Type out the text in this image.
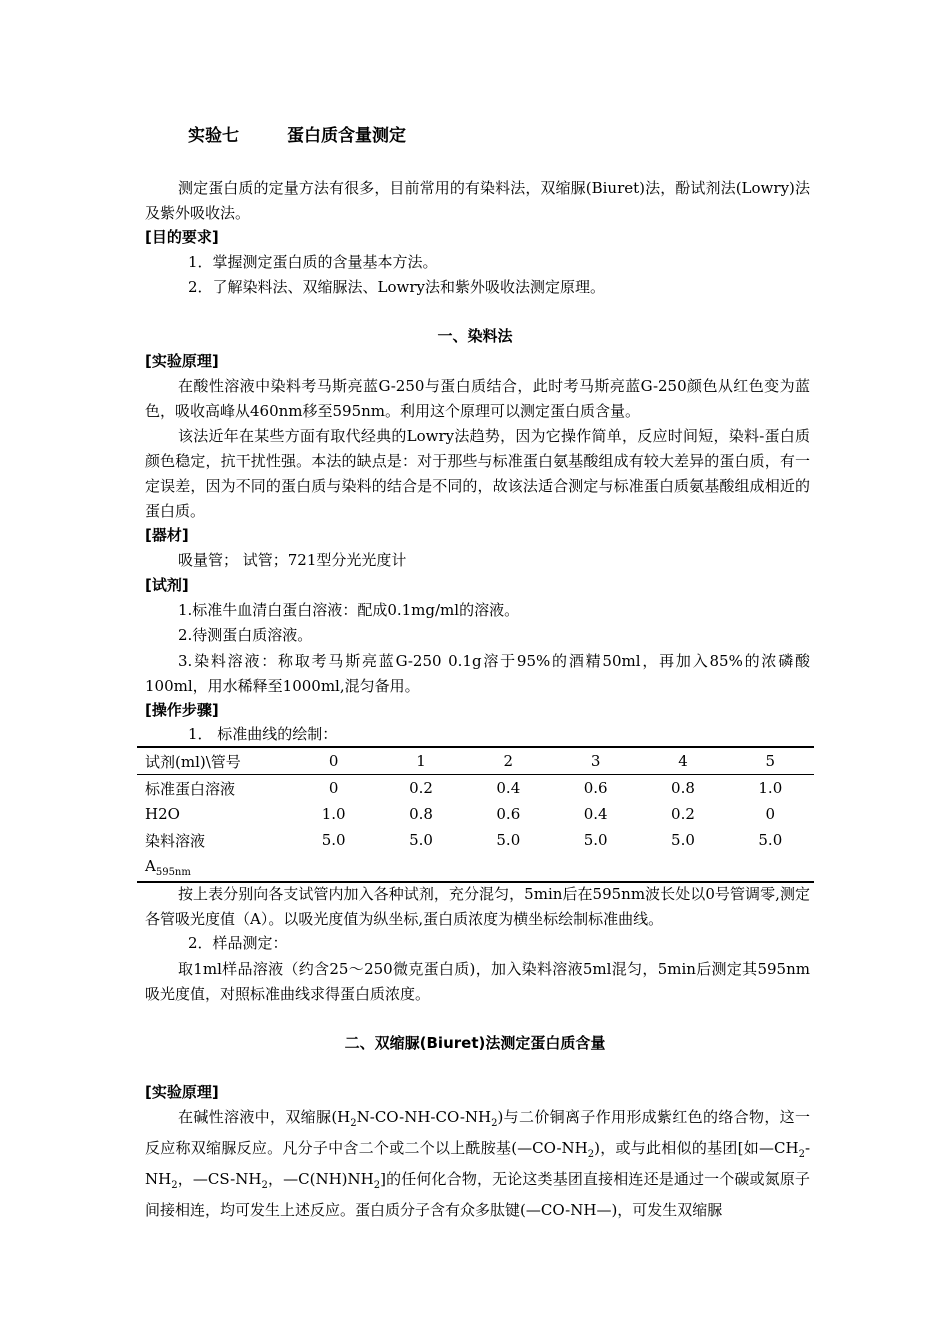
实验七	蛋白质含量测定
测定蛋白质的定量方法有很多，目前常用的有染料法，双缩脲(Biuret)法，酚试剂法(Lowry)法及紫外吸收法。
[目的要求]
1．掌握测定蛋白质的含量基本方法。
2．了解染料法、双缩脲法、Lowry法和紫外吸收法测定原理。
一、染料法
[实验原理]
在酸性溶液中染料考马斯亮蓝G-250与蛋白质结合，此时考马斯亮蓝G-250颜色从红色变为蓝色，吸收高峰从460nm移至595nm。利用这个原理可以测定蛋白质含量。
该法近年在某些方面有取代经典的Lowry法趋势，因为它操作简单，反应时间短，染料-蛋白质颜色稳定，抗干扰性强。本法的缺点是：对于那些与标准蛋白氨基酸组成有较大差异的蛋白质，有一定误差，因为不同的蛋白质与染料的结合是不同的，故该法适合测定与标准蛋白质氨基酸组成相近的蛋白质。
[器材]
吸量管； 试管；721型分光光度计
[试剂]
1.标准牛血清白蛋白溶液：配成0.1mg/ml的溶液。
2.待测蛋白质溶液。
3.染料溶液：称取考马斯亮蓝G-250 0.1g溶于95%的酒精50ml，再加入85%的浓磷酸100ml，用水稀释至1000ml,混匀备用。
[操作步骤]
1． 标准曲线的绘制：
试剂(ml)\管号	0	1	2	3	4	5
标准蛋白溶液	0	0.2	0.4	0.6	0.8	1.0
H2O	1.0	0.8	0.6	0.4	0.2	0
染料溶液	5.0	5.0	5.0	5.0	5.0	5.0
$A_{595nm}$						
按上表分别向各支试管内加入各种试剂，充分混匀，5min后在595nm波长处以0号管调零,测定各管吸光度值（A）。以吸光度值为纵坐标,蛋白质浓度为横坐标绘制标准曲线。
2．样品测定：
取1ml样品溶液（约含25～250微克蛋白质)，加入染料溶液5ml混匀，5min后测定其595nm吸光度值，对照标准曲线求得蛋白质浓度。
二、双缩脲(Biuret)法测定蛋白质含量
[实验原理]
在碱性溶液中，双缩脲$(H_2N-CO-NH-CO-NH_2)$与二价铜离子作用形成紫红色的络合物，这一反应称双缩脲反应。凡分子中含二个或二个以上酰胺基$(—CO-NH_2)$，或与此相似的基团[如$—CH_2-NH_2$，$—CS-NH_2$，$—C(NH)NH_2$]的任何化合物，无论这类基团直接相连还是通过一个碳或氮原子间接相连，均可发生上述反应。蛋白质分子含有众多肽键(—CO-NH—)，可发生双缩脲
